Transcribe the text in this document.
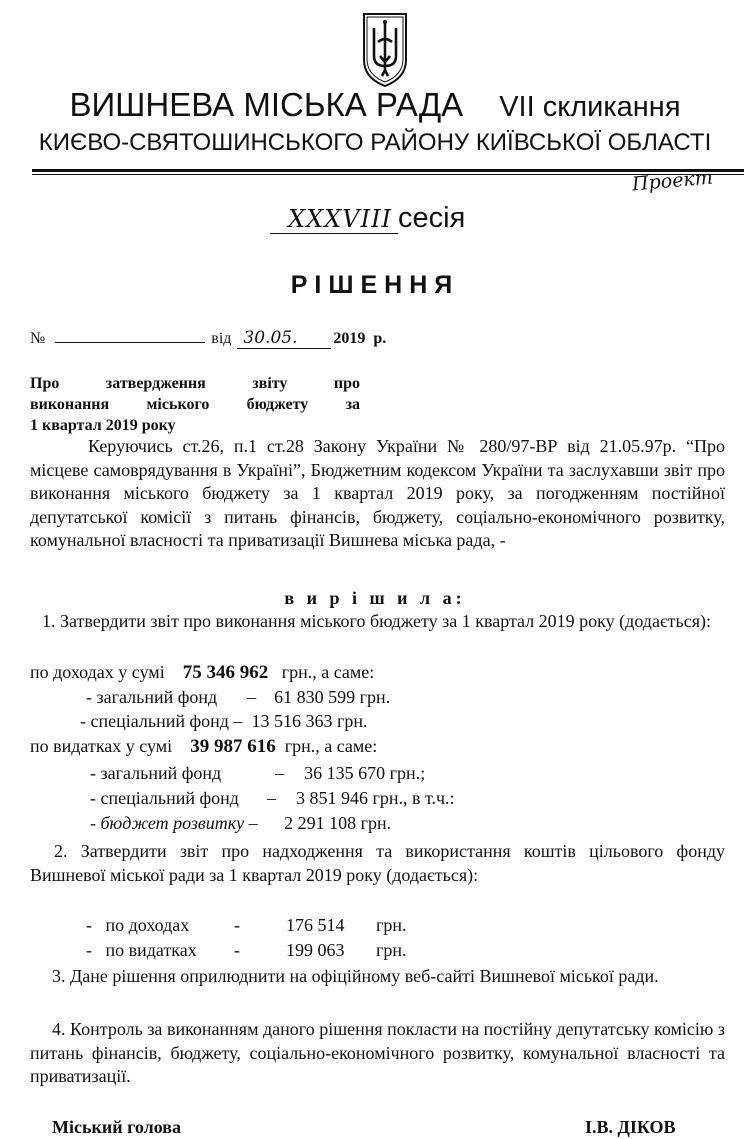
ВИШНЕВА МІСЬКА РАДА VII скликання
КИЄВО-СВЯТОШИНСЬКОГО РАЙОНУ КИЇВСЬКОЇ ОБЛАСТІ
Проект
XXXVIII сесія
РІШЕННЯ
№	від 30.05. 2019 р.
Про затвердження звіту про
виконання міського бюджету за
1 квартал 2019 року
Керуючись ст.26, п.1 ст.28 Закону України № 280/97-ВР від 21.05.97р. “Про місцеве самоврядування в Україні”, Бюджетним кодексом України та заслухавши звіт про виконання міського бюджету за 1 квартал 2019 року, за погодженням постійної депутатської комісії з питань фінансів, бюджету, соціально-економічного розвитку, комунальної власності та приватизації Вишнева міська рада, -
в и р і ш и л а:
1. Затвердити звіт про виконання міського бюджету за 1 квартал 2019 року (додається):
по доходах у сумі 75 346 962 грн., а саме:
- загальний фонд – 61 830 599 грн.
- спеціальний фонд – 13 516 363 грн.
по видатках у сумі 39 987 616 грн., а саме:
- загальний фонд	– 36 135 670 грн.;
- спеціальний фонд – 3 851 946 грн., в т.ч.:
- бюджет розвитку – 2 291 108 грн.
2. Затвердити звіт про надходження та використання коштів цільового фонду Вишневої міської ради за 1 квартал 2019 року (додається):
-   по доходах -	176 514 грн.
-   по видатках -	199 063 грн.
3. Дане рішення оприлюднити на офіційному веб-сайті Вишневої міської ради.
4. Контроль за виконанням даного рішення покласти на постійну депутатську комісію з питань фінансів, бюджету, соціально-економічного розвитку, комунальної власності та приватизації.
Міський голова	І.В. ДІКОВ
